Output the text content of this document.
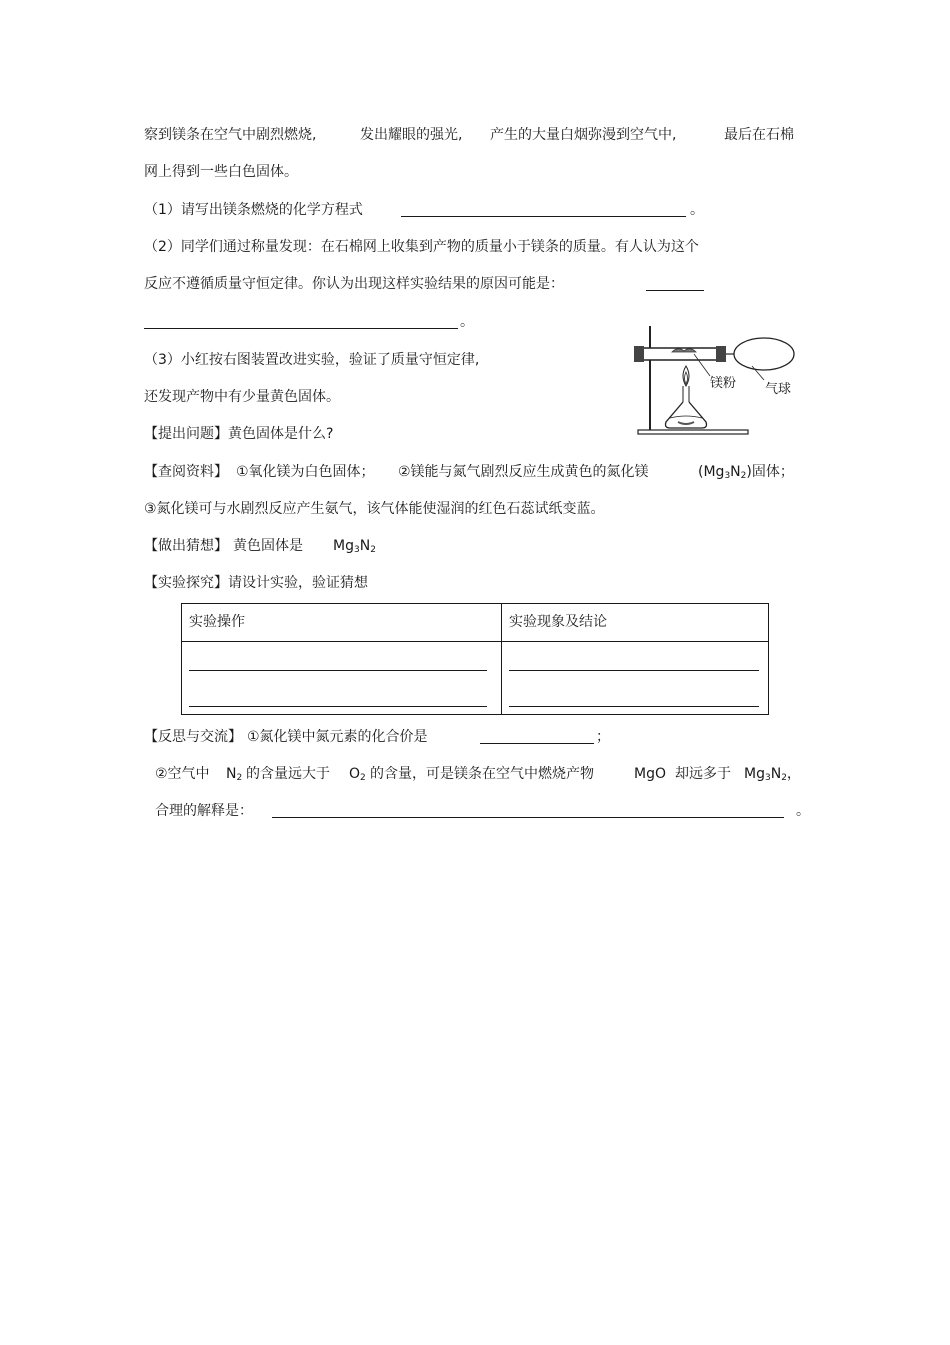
察到镁条在空气中剧烈燃烧,	发出耀眼的强光, 产生的大量白烟弥漫到空气中,	最后在石棉
网上得到一些白色固体。
（1）请写出镁条燃烧的化学方程式	。
（2）同学们通过称量发现：在石棉网上收集到产物的质量小于镁条的质量。有人认为这个
反应不遵循质量守恒定律。你认为出现这样实验结果的原因可能是：
。
（3）小红按右图装置改进实验，验证了质量守恒定律,
还发现产物中有少量黄色固体。
镁粉 气球
【提出问题】黄色固体是什么?
【查阅资料】 ①氧化镁为白色固体； ②镁能与氮气剧烈反应生成黄色的氮化镁	$(Mg_3N_2)$固体；
③氮化镁可与水剧烈反应产生氨气，该气体能使湿润的红色石蕊试纸变蓝。
【做出猜想】 黄色固体是 $Mg_3N_2$
【实验探究】请设计实验，验证猜想
实验操作	实验现象及结论
【反思与交流】 ①氮化镁中氮元素的化合价是	；
②空气中 $N_2$ 的含量远大于 $O_2$ 的含量，可是镁条在空气中燃烧产物	MgO 却远多于 $Mg_3N_2$，
合理的解释是：	。
